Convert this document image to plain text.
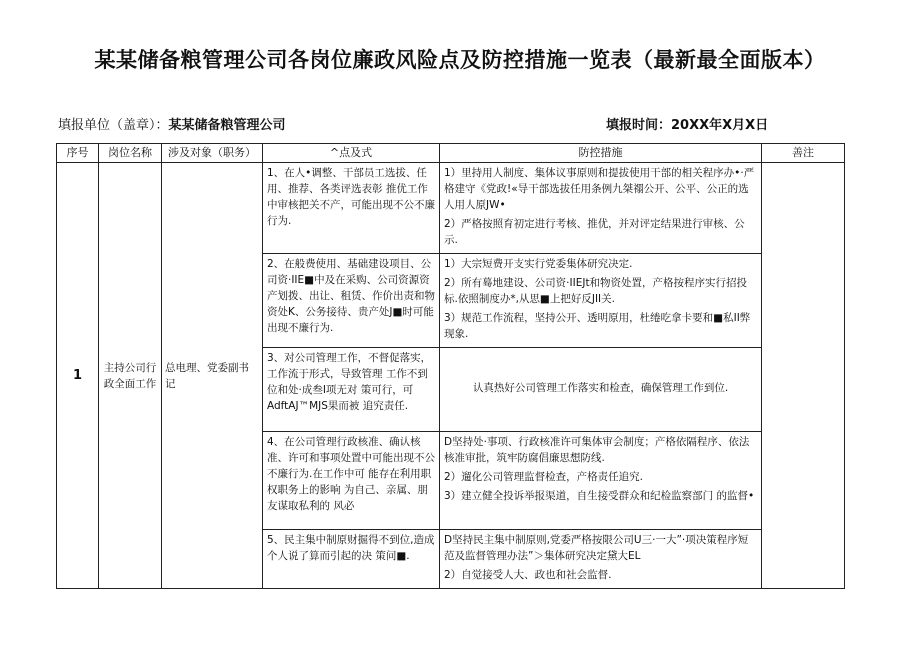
某某储备粮管理公司各岗位廉政风险点及防控措施一览表（最新最全面版本）
填报单位（盖章）：某某储备粮管理公司	填报时间：20XX年X月X日
序号	岗位名称	涉及对象（职务）	^点及式	防控措施	善注
1	主持公司行政全面工作	总电理、党委副书记	1、在人•调整、干部员工选拔、任用、推荐、各类评选表彰 推优工作中审核把关不产，可能出现不公不廉行为.	1）里持用人制度、集体议事原则和提拔使用干部的相关程序办•·严格建守《党政!«导干部选拔任用条例九桀禤公开、公平、公正的选人用人原JW•

2）严格按照育初定进行考核、推优，并对评定结果进行审核、公示.	

			2、在般费使用、基础建设项目、公司资·IIE■中及在采购、公司资源资产划拨、出让、租赁、作价出责和物资处K、公务接待、贵产处J■时可能出现不廉行为.	1）大宗短费开支实行党委集体研究决定.

2）所有蓦地建设、公司资·IIEJt和物资处置，产格按程序实行招投标.依照制度办*,从思■上把好反JII关.

3）规范工作流程，坚持公开、透明原用，杜绻吃拿卡要和■私II弊现象.	

			3、对公司管理工作，不督促落实，工作流于形式，导致管理 工作不到位和处·成叁I项无对 策可行，可AdftAJ™MJS果而被 追究责任.	认真热好公司管理工作落实和检查，确保管理工作到位.	

			4、在公司管理行政核准、确认核准、许可和事项处置中可能出现不公不廉行为.在工作中可 能存在利用职权职务上的影响 为自己、亲属、朋友谋取私利的 风必	D坚持处·事项、行政核准许可集体审会制度；产格依隔程序、依法核准审批，筑牢防腐倡廉思想防线.

2）遛化公司管理监督检查，产格责任追究.

3）建立健全投诉举报渠道，自生接受群众和纪检监察部门 的监督•	

			5、民主集中制原财掘得不到位,造成个人说了算而引起的决 策问■.	D坚持民主集中制原则,党委严格按限公司U三·一大”·项决策程序短范及监督管理办法”＞集体研究决定黛大EL

2）自觉接受人大、政也和社会监督.	
